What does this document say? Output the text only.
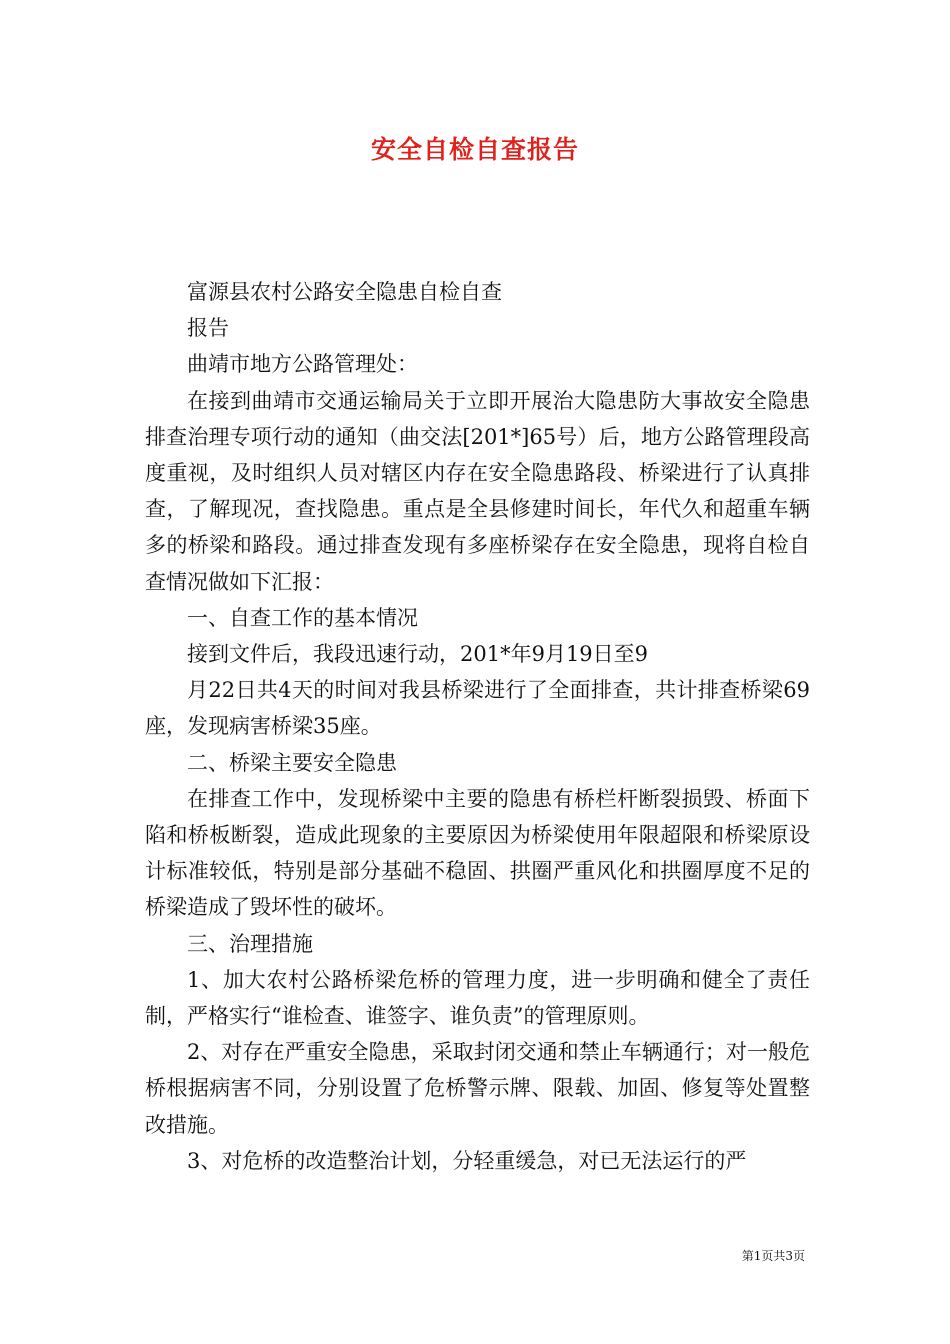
安全自检自查报告

富源县农村公路安全隐患自检自查

报告

曲靖市地方公路管理处：

在接到曲靖市交通运输局关于立即开展治大隐患防大事故安全隐患排查治理专项行动的通知（曲交法[201*]65号）后，地方公路管理段高度重视，及时组织人员对辖区内存在安全隐患路段、桥梁进行了认真排查，了解现况，查找隐患。重点是全县修建时间长，年代久和超重车辆多的桥梁和路段。通过排查发现有多座桥梁存在安全隐患，现将自检自查情况做如下汇报：

一、自查工作的基本情况

接到文件后，我段迅速行动，201*年9月19日至9

月22日共4天的时间对我县桥梁进行了全面排查，共计排查桥梁69座，发现病害桥梁35座。

二、桥梁主要安全隐患

在排查工作中，发现桥梁中主要的隐患有桥栏杆断裂损毁、桥面下陷和桥板断裂，造成此现象的主要原因为桥梁使用年限超限和桥梁原设计标准较低，特别是部分基础不稳固、拱圈严重风化和拱圈厚度不足的桥梁造成了毁坏性的破坏。

三、治理措施

1、加大农村公路桥梁危桥的管理力度，进一步明确和健全了责任制，严格实行“谁检查、谁签字、谁负责”的管理原则。

2、对存在严重安全隐患，采取封闭交通和禁止车辆通行；对一般危桥根据病害不同，分别设置了危桥警示牌、限载、加固、修复等处置整改措施。

3、对危桥的改造整治计划，分轻重缓急，对已无法运行的严

第1页共3页
